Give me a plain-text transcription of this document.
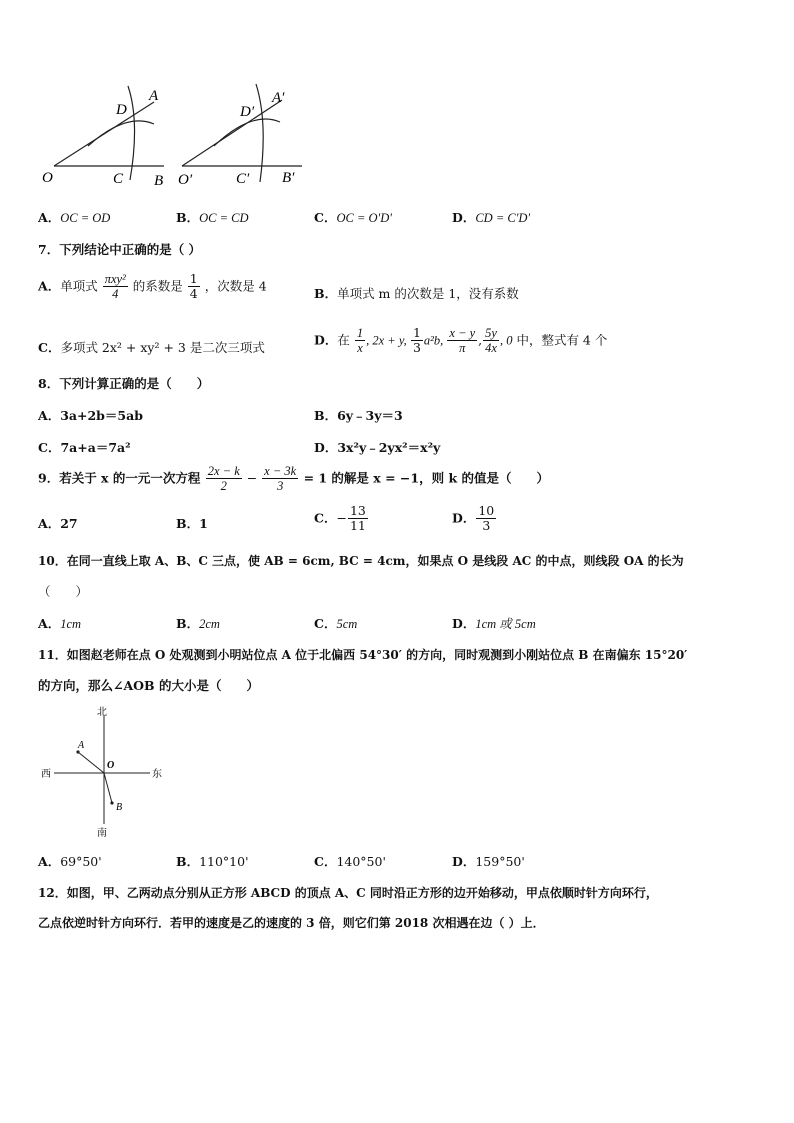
O	C B
D
A
O′	C′ B′
D′
A′
A．OC = OD	B．OC = CD	C．OC = O'D'	D．CD = C'D'
7．下列结论中正确的是（ ）
A．单项式 $\frac{\text{πxy²}}{4}$ 的系数是 $\frac{1}{4}$ ，次数是 4
B．单项式 m 的次数是 1，没有系数
C．多项式 2x² + xy² + 3 是二次三项式
D．在 $\frac{1}{x}$ , 2x + y, $\frac{1}{3} a^2b$, $\frac{x - y}{\pi}$ , $\frac{5y}{4x}$ , 0 中，整式有 4 个
8．下列计算正确的是（　　）
A．3a+2b＝5ab	B．6y﹣3y＝3
C．7a+a＝7a²	D．3x²y﹣2yx²＝x²y
9．若关于 x 的一元一次方程 $\frac{2x - k}{2} - \frac{x - 3k}{3} = 1$ 的解是 x = −1，则 k 的值是（　　）
A．27	B．1	C．− $\frac{13}{11}$	D． $\frac{10}{3}$
10．在同一直线上取 A、B、C 三点，使 AB = 6cm, BC = 4cm，如果点 O 是线段 AC 的中点，则线段 OA 的长为
（　　）
A．1cm	B．2cm	C．5cm	D．1cm 或 5cm
11．如图赵老师在点 O 处观测到小明站位点 A 位于北偏西 54°30′ 的方向，同时观测到小刚站位点 B 在南偏东 15°20′
的方向，那么∠AOB 的大小是（　　）
北
南
西	东
O
A
B
A．69°50'	B．110°10'	C．140°50'	D．159°50'
12．如图，甲、乙两动点分别从正方形 ABCD 的顶点 A、C 同时沿正方形的边开始移动，甲点依顺时针方向环行，
乙点依逆时针方向环行．若甲的速度是乙的速度的 3 倍，则它们第 2018 次相遇在边（ ）上．
